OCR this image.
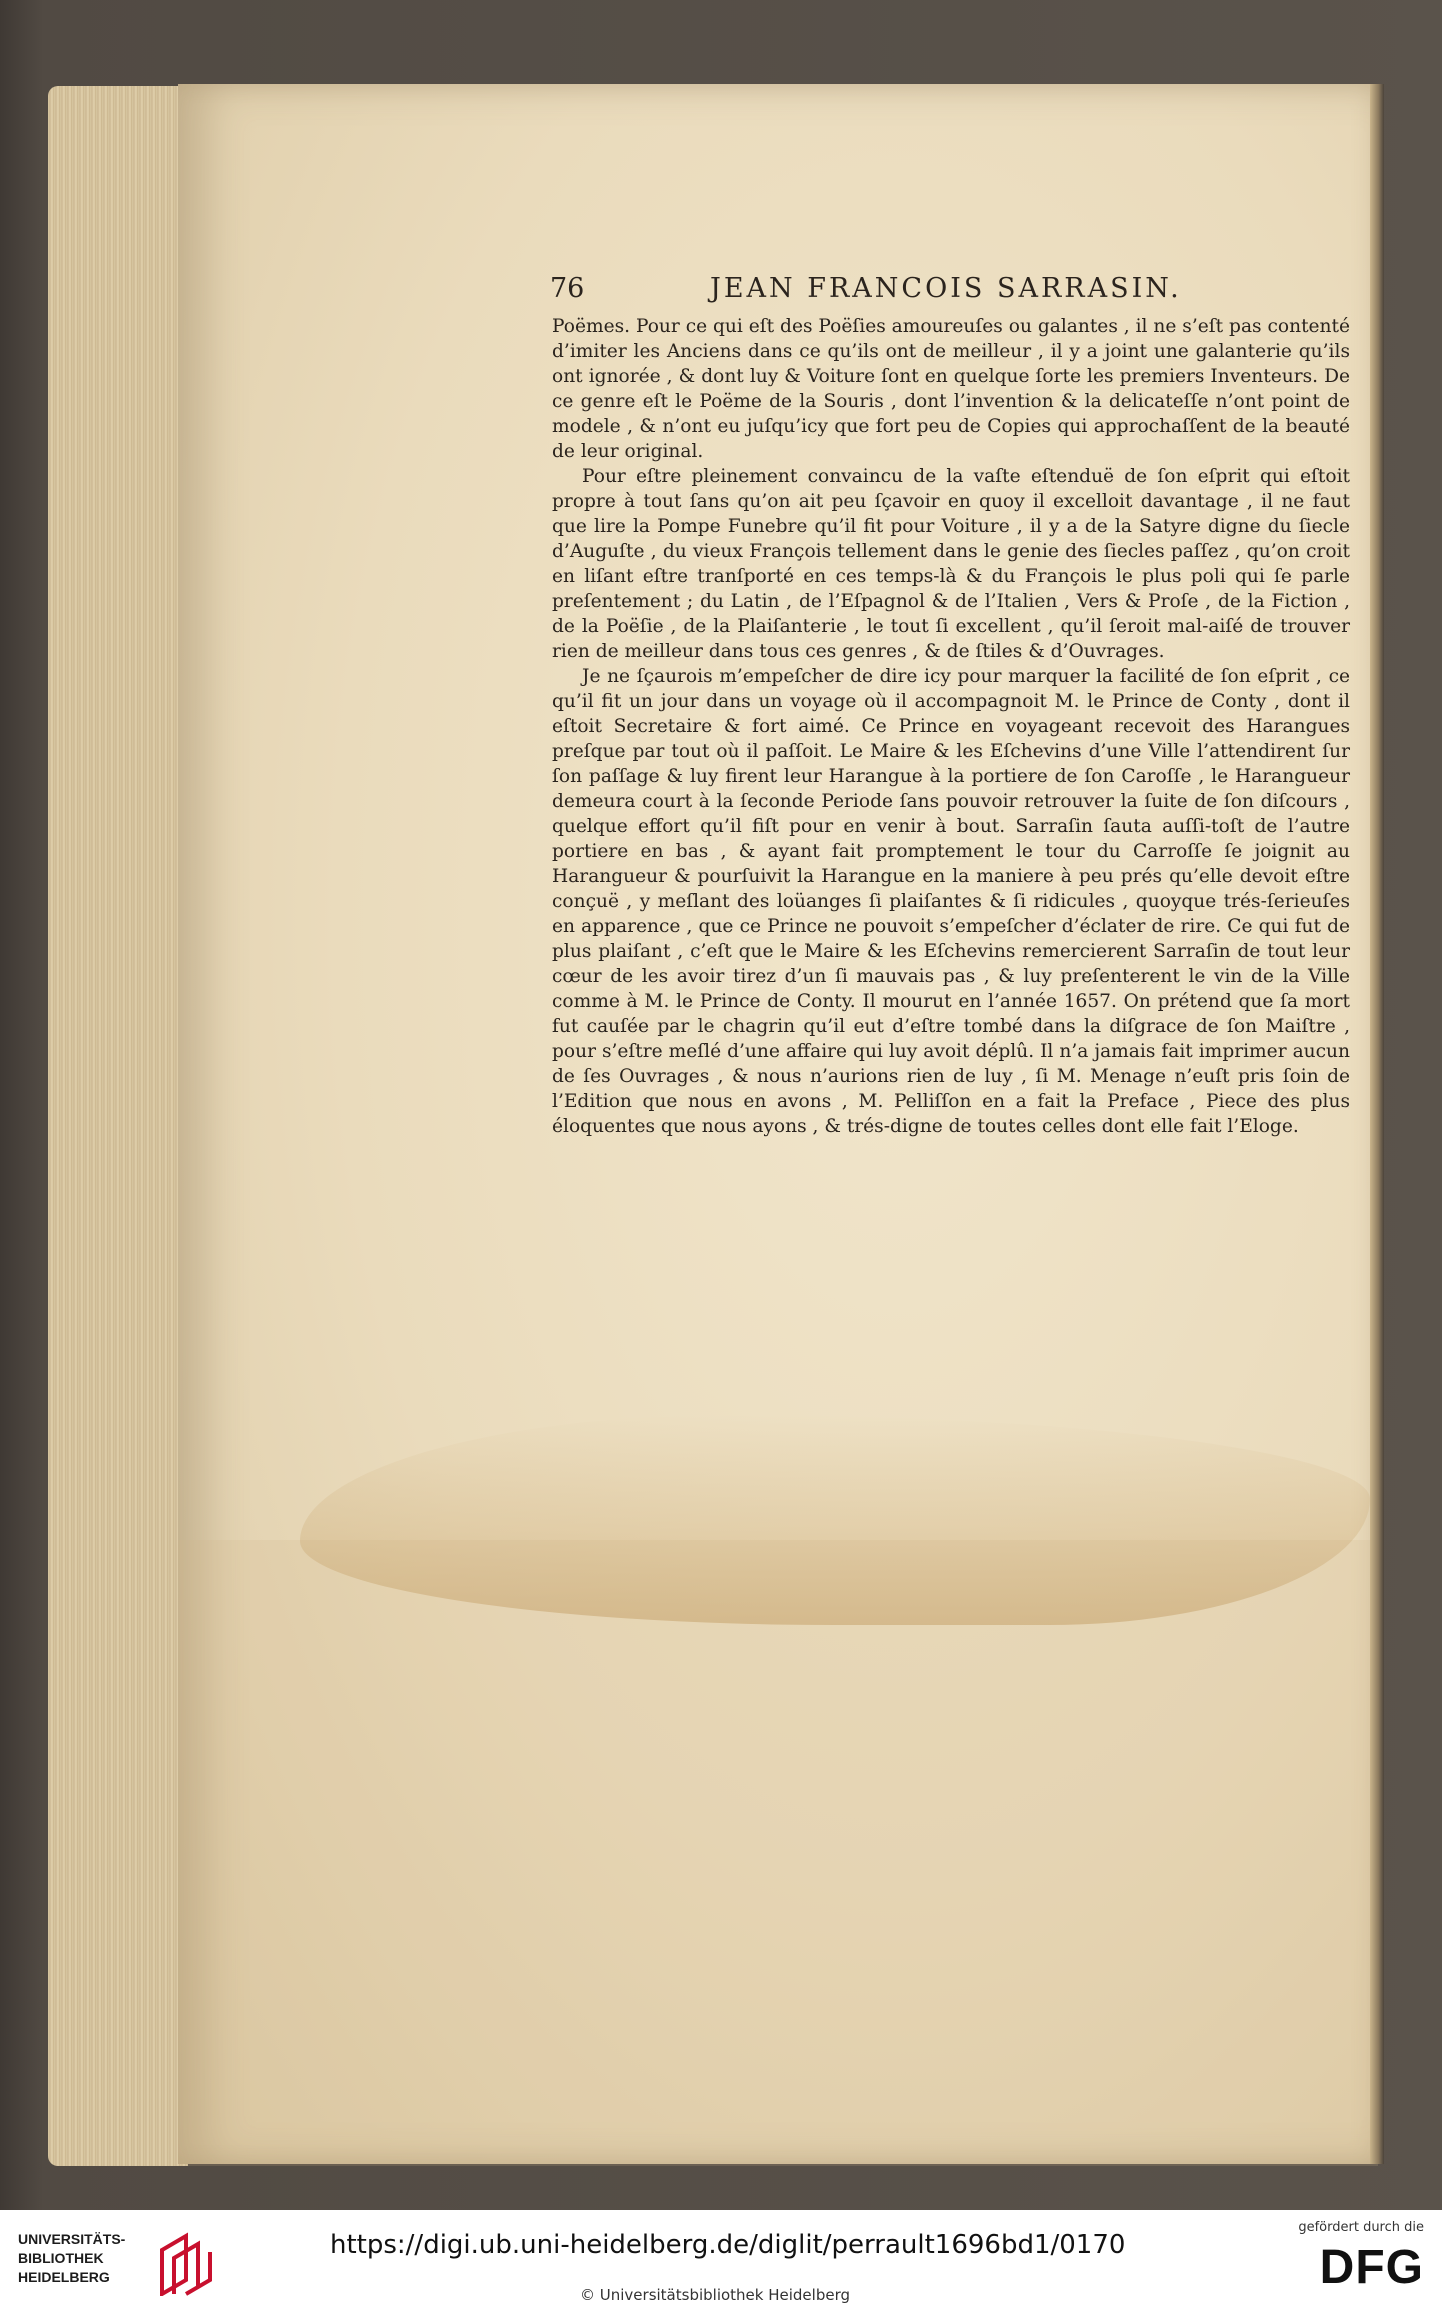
76	JEAN FRANCOIS SARRASIN.

Poëmes. Pour ce qui eſt des Poëſies amoureuſes ou galantes , il ne s’eſt pas contenté d’imiter les Anciens dans ce qu’ils ont de meilleur , il y a joint une galanterie qu’ils ont ignorée , & dont luy & Voiture ſont en quelque ſorte les premiers Inventeurs. De ce genre eſt le Poëme de la Souris , dont l’invention & la delicateſſe n’ont point de modele , & n’ont eu juſqu’icy que fort peu de Copies qui approchaſſent de la beauté de leur original.

Pour eſtre pleinement convaincu de la vaſte eſtenduë de ſon eſprit qui eſtoit propre à tout ſans qu’on ait peu ſçavoir en quoy il excelloit davantage , il ne faut que lire la Pompe Funebre qu’il fit pour Voiture , il y a de la Satyre digne du ſiecle d’Auguſte , du vieux François tellement dans le genie des ſiecles paſſez , qu’on croit en liſant eſtre tranſporté en ces temps-là & du François le plus poli qui ſe parle preſentement ; du Latin , de l’Eſpagnol & de l’Italien , Vers & Proſe , de la Fiction , de la Poëſie , de la Plaiſanterie , le tout ſi excellent , qu’il ſeroit mal-aiſé de trouver rien de meilleur dans tous ces genres , & de ſtiles & d’Ouvrages.

Je ne ſçaurois m’empeſcher de dire icy pour marquer la facilité de ſon eſprit , ce qu’il fit un jour dans un voyage où il accompagnoit M. le Prince de Conty , dont il eſtoit Secretaire & fort aimé. Ce Prince en voyageant recevoit des Harangues preſque par tout où il paſſoit. Le Maire & les Eſchevins d’une Ville l’attendirent ſur ſon paſſage & luy firent leur Harangue à la portiere de ſon Caroſſe , le Harangueur demeura court à la ſeconde Periode ſans pouvoir retrouver la ſuite de ſon diſcours , quelque effort qu’il fiſt pour en venir à bout. Sarraſin ſauta auſſi-toſt de l’autre portiere en bas , & ayant fait promptement le tour du Carroſſe ſe joignit au Harangueur & pourſuivit la Harangue en la maniere à peu prés qu’elle devoit eſtre conçuë , y meſlant des loüanges ſi plaiſantes & ſi ridicules , quoyque trés-ſerieuſes en apparence , que ce Prince ne pouvoit s’empeſcher d’éclater de rire. Ce qui fut de plus plaiſant , c’eſt que le Maire & les Eſchevins remercierent Sarraſin de tout leur cœur de les avoir tirez d’un ſi mauvais pas , & luy preſenterent le vin de la Ville comme à M. le Prince de Conty. Il mourut en l’année 1657. On prétend que ſa mort fut cauſée par le chagrin qu’il eut d’eſtre tombé dans la diſgrace de ſon Maiſtre , pour s’eſtre meſlé d’une affaire qui luy avoit déplû. Il n’a jamais fait imprimer aucun de ſes Ouvrages , & nous n’aurions rien de luy , ſi M. Menage n’euſt pris ſoin de l’Edition que nous en avons , M. Pelliſſon en a fait la Preface , Piece des plus éloquentes que nous ayons , & trés-digne de toutes celles dont elle fait l’Eloge.

UNIVERSITÄTS-
BIBLIOTHEK
HEIDELBERG
https://digi.ub.uni-heidelberg.de/diglit/perrault1696bd1/0170
© Universitätsbibliothek Heidelberg
gefördert durch die
DFG
